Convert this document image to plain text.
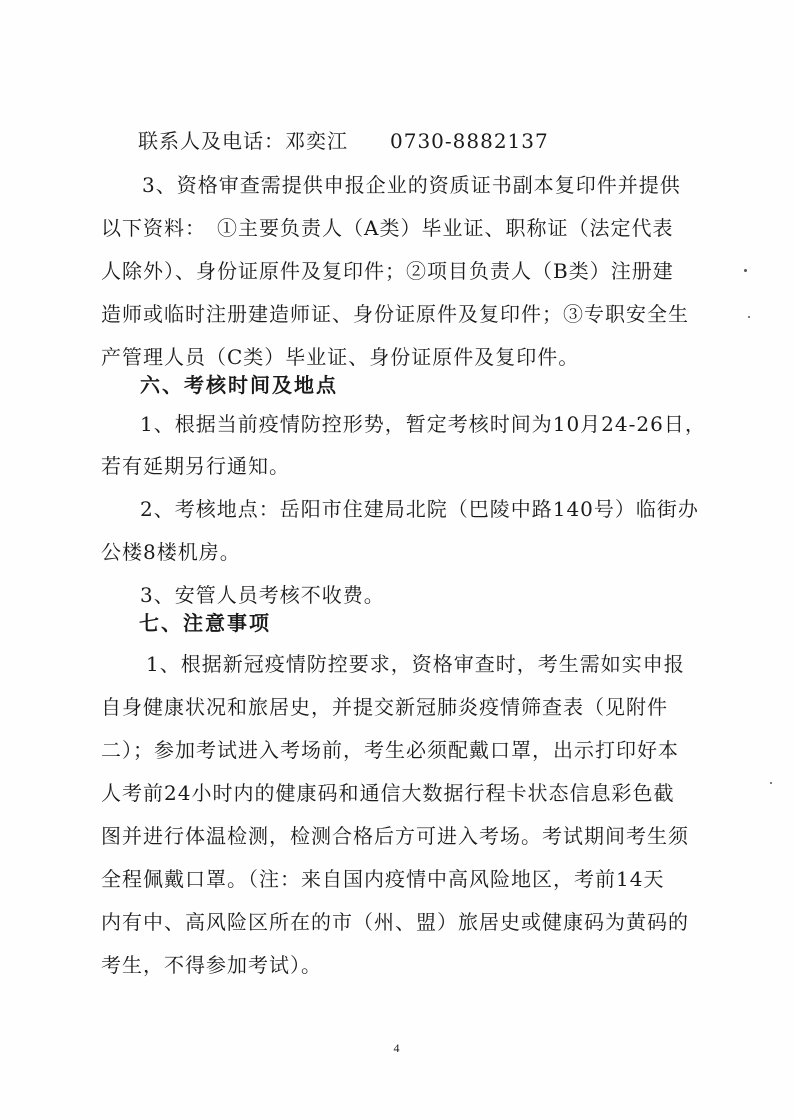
联系人及电话：邓奕江　　0730-8882137
3、资格审查需提供申报企业的资质证书副本复印件并提供
以下资料：　①主要负责人（A类）毕业证、职称证（法定代表
人除外）、身份证原件及复印件；②项目负责人（B类）注册建
造师或临时注册建造师证、身份证原件及复印件；③专职安全生
产管理人员（C类）毕业证、身份证原件及复印件。
六、考核时间及地点
1、根据当前疫情防控形势，暂定考核时间为10月24-26日，
若有延期另行通知。
2、考核地点：岳阳市住建局北院（巴陵中路140号）临街办
公楼8楼机房。
3、安管人员考核不收费。
七、注意事项
1、根据新冠疫情防控要求，资格审查时，考生需如实申报
自身健康状况和旅居史，并提交新冠肺炎疫情筛查表（见附件
二）；参加考试进入考场前，考生必须配戴口罩，出示打印好本
人考前24小时内的健康码和通信大数据行程卡状态信息彩色截
图并进行体温检测，检测合格后方可进入考场。考试期间考生须
全程佩戴口罩。（注：来自国内疫情中高风险地区，考前14天
内有中、高风险区所在的市（州、盟）旅居史或健康码为黄码的
考生，不得参加考试）。
4
